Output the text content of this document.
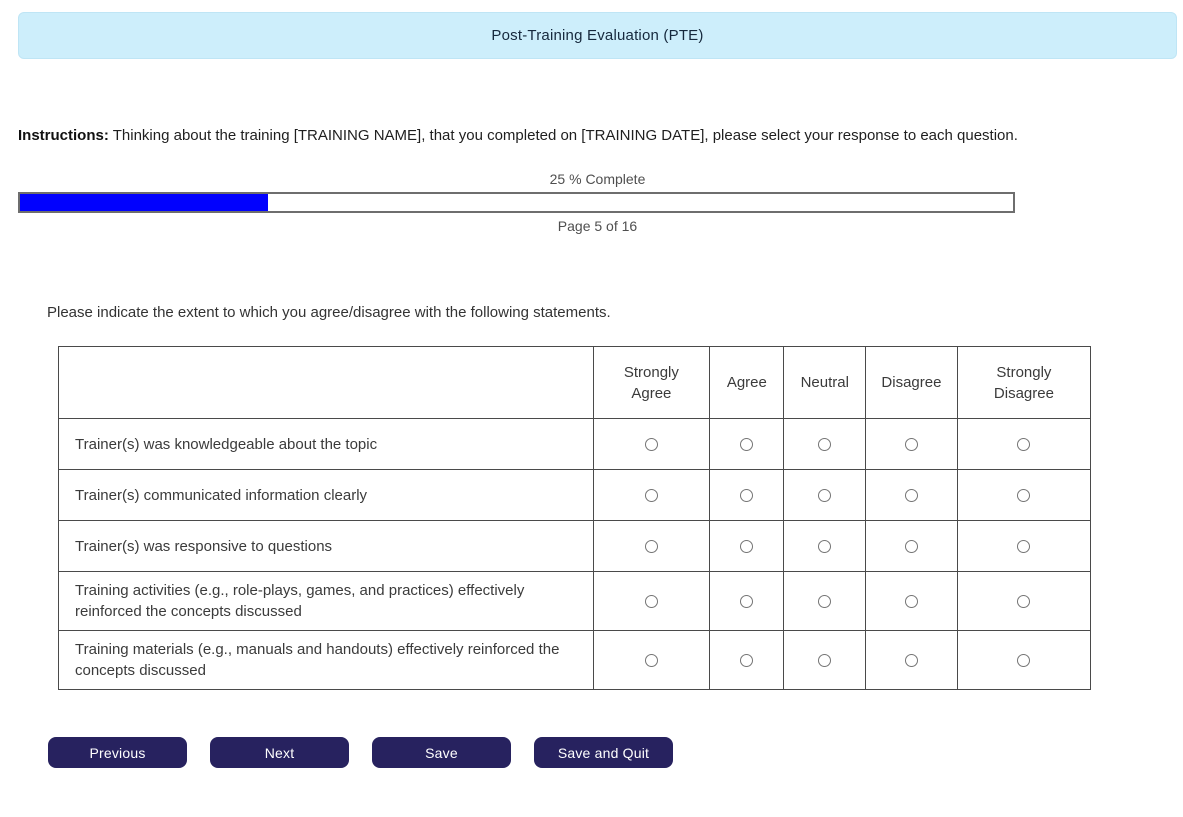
Post-Training Evaluation (PTE)

Instructions: Thinking about the training [TRAINING NAME], that you completed on [TRAINING DATE], please select your response to each question.

25 % Complete
Page 5 of 16

Please indicate the extent to which you agree/disagree with the following statements.

	Strongly Agree	Agree	Neutral	Disagree	Strongly Disagree
Trainer(s) was knowledgeable about the topic					
Trainer(s) communicated information clearly					
Trainer(s) was responsive to questions					
Training activities (e.g., role-plays, games, and practices) effectively reinforced the concepts discussed					
Training materials (e.g., manuals and handouts) effectively reinforced the concepts discussed					
Previous	Next	Save	Save and Quit
